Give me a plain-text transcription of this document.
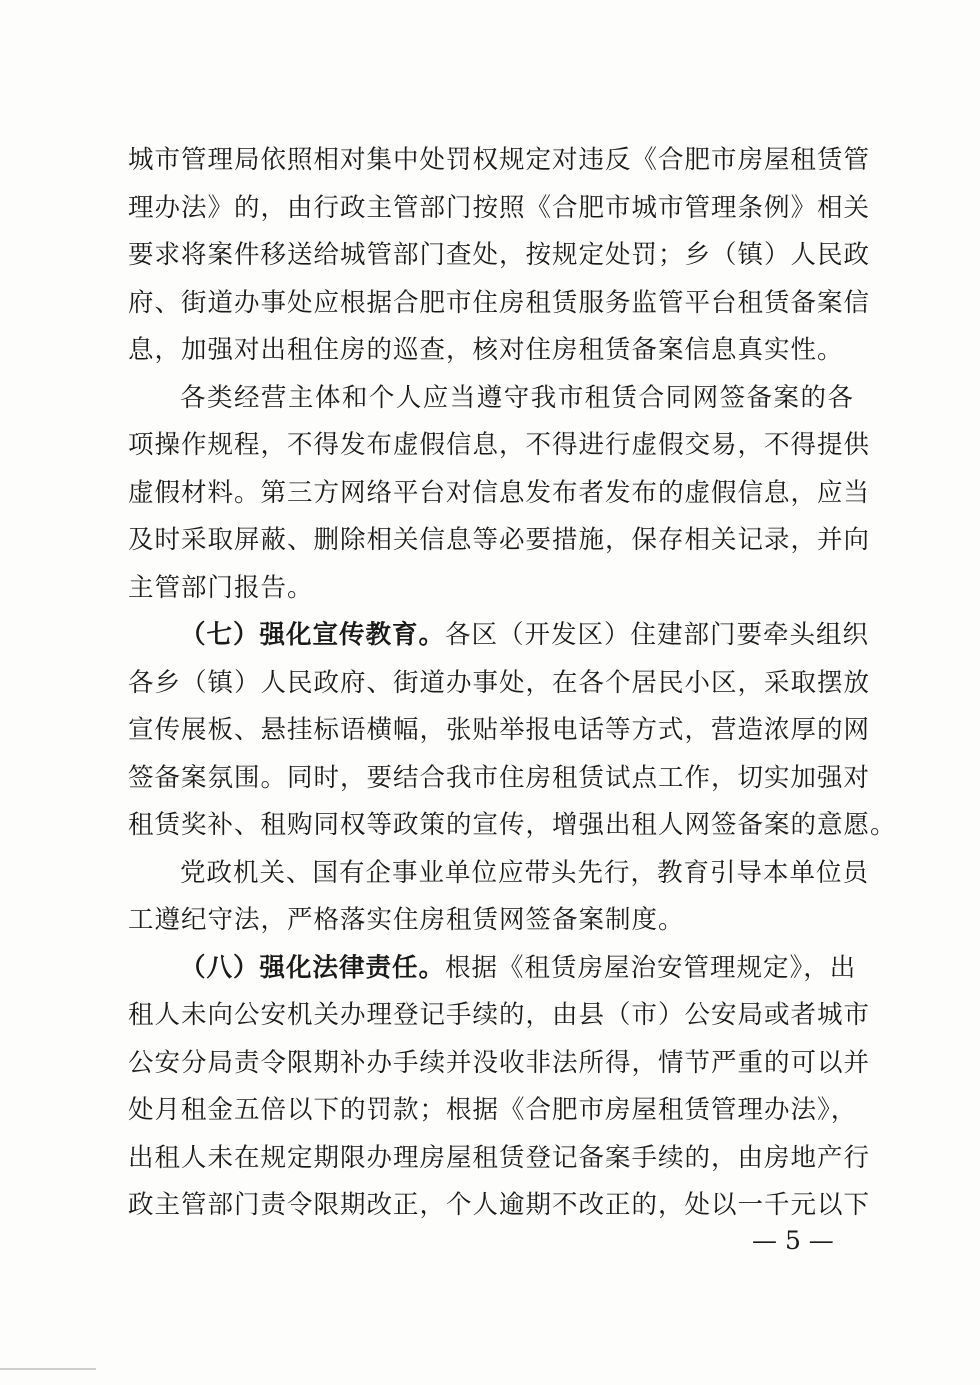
城市管理局依照相对集中处罚权规定对违反《合肥市房屋租赁管
理办法》的，由行政主管部门按照《合肥市城市管理条例》相关
要求将案件移送给城管部门查处，按规定处罚；乡（镇）人民政
府、街道办事处应根据合肥市住房租赁服务监管平台租赁备案信
息，加强对出租住房的巡查，核对住房租赁备案信息真实性。
各类经营主体和个人应当遵守我市租赁合同网签备案的各
项操作规程，不得发布虚假信息，不得进行虚假交易，不得提供
虚假材料。第三方网络平台对信息发布者发布的虚假信息，应当
及时采取屏蔽、删除相关信息等必要措施，保存相关记录，并向
主管部门报告。
（七）强化宣传教育。各区（开发区）住建部门要牵头组织
各乡（镇）人民政府、街道办事处，在各个居民小区，采取摆放
宣传展板、悬挂标语横幅，张贴举报电话等方式，营造浓厚的网
签备案氛围。同时，要结合我市住房租赁试点工作，切实加强对
租赁奖补、租购同权等政策的宣传，增强出租人网签备案的意愿。
党政机关、国有企事业单位应带头先行，教育引导本单位员
工遵纪守法，严格落实住房租赁网签备案制度。
（八）强化法律责任。根据《租赁房屋治安管理规定》，出
租人未向公安机关办理登记手续的，由县（市）公安局或者城市
公安分局责令限期补办手续并没收非法所得，情节严重的可以并
处月租金五倍以下的罚款；根据《合肥市房屋租赁管理办法》，
出租人未在规定期限办理房屋租赁登记备案手续的，由房地产行
政主管部门责令限期改正，个人逾期不改正的，处以一千元以下
— 5 —
